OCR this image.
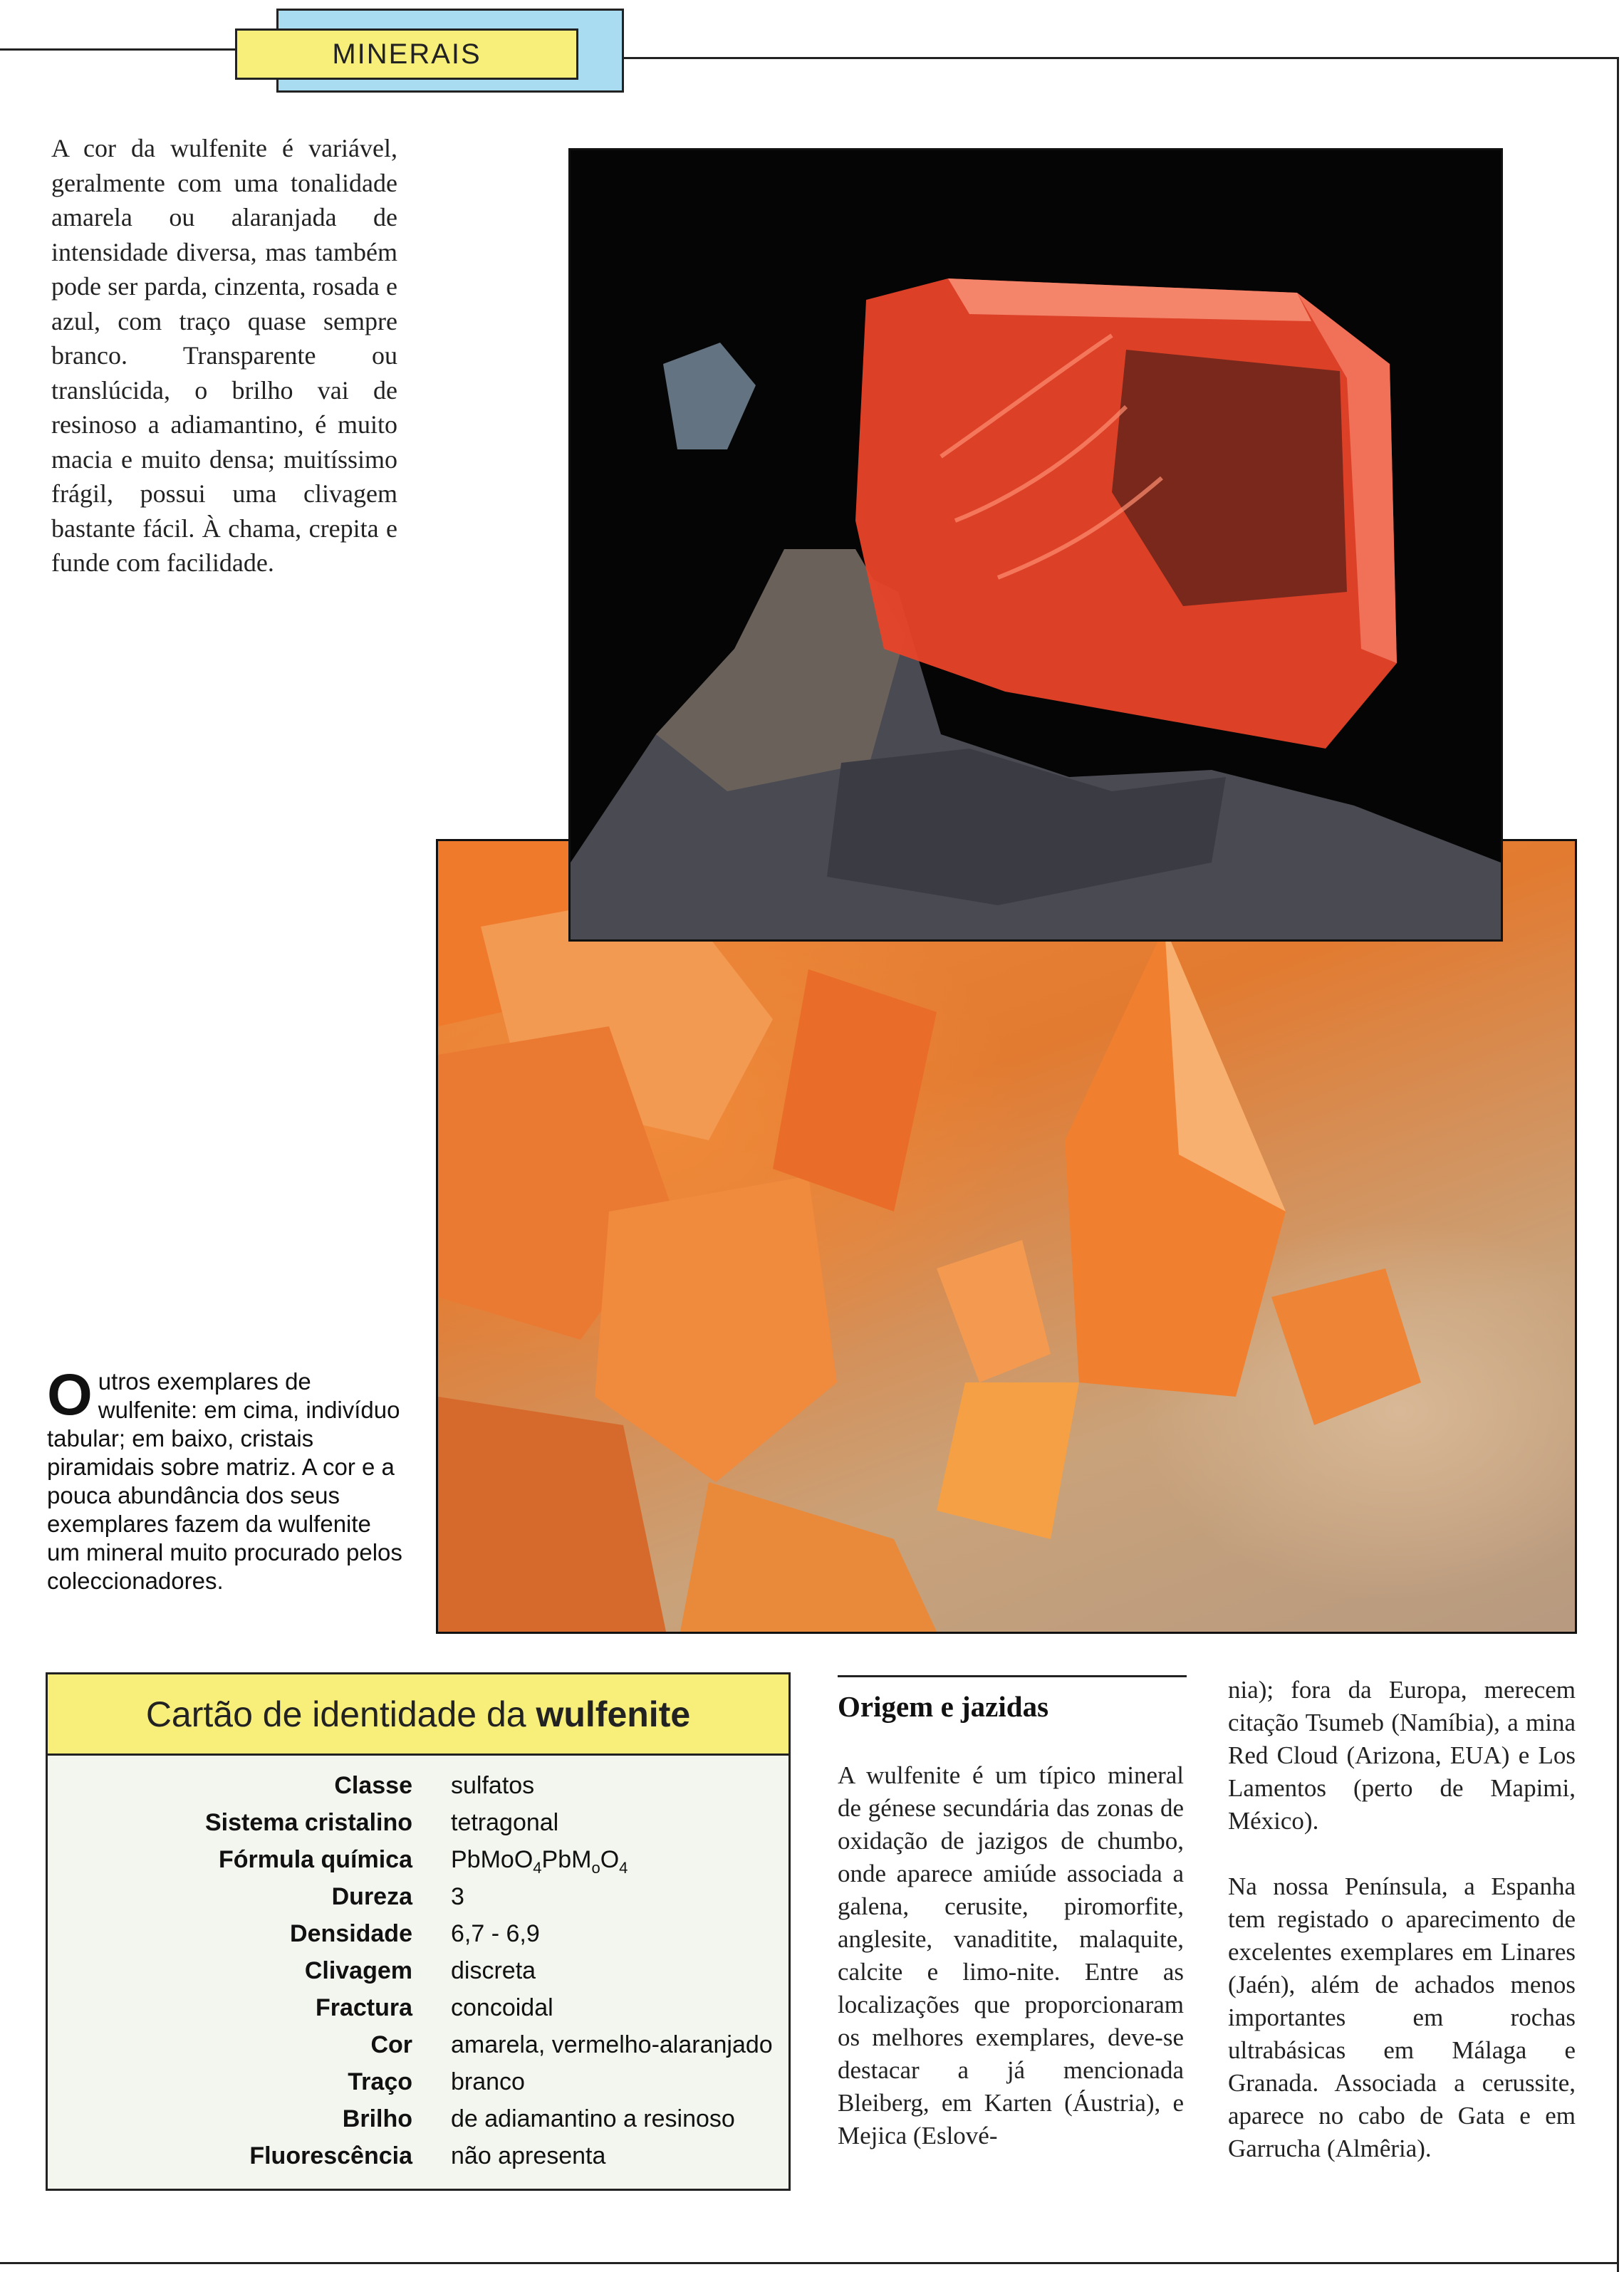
MINERAIS
A cor da wulfenite é variável, geralmente com uma tonalidade amarela ou alaranjada de intensidade diversa, mas também pode ser parda, cinzenta, rosada e azul, com traço quase sempre branco. Transparente ou translúcida, o brilho vai de resinoso a adiamantino, é muito macia e muito densa; muitíssimo frágil, possui uma clivagem bastante fácil. À chama, crepita e funde com facilidade.
Outros exemplares de wulfenite: em cima, indivíduo tabular; em baixo, cristais piramidais sobre matriz. A cor e a pouca abundância dos seus exemplares fazem da wulfenite um mineral muito procurado pelos coleccionadores.
Cartão de identidade da wulfenite
Classe sulfatos
Sistema cristalino tetragonal
Fórmula química $PbMoO_4PbM_oO_4$
Dureza 3
Densidade 6,7 - 6,9
Clivagem discreta
Fractura concoidal
Cor amarela, vermelho-alaranjado
Traço branco
Brilho de adiamantino a resinoso
Fluorescência não apresenta
Origem e jazidas
A wulfenite é um típico mineral de génese secundária das zonas de oxidação de jazigos de chumbo, onde aparece amiúde associada a galena, cerusite, piromorfite, anglesite, vanaditite, malaquite, calcite e limo-nite. Entre as localizações que proporcionaram os melhores exemplares, deve-se destacar a já mencionada Bleiberg, em Karten (Áustria), e Mejica (Eslové-
nia); fora da Europa, merecem citação Tsumeb (Namíbia), a mina Red Cloud (Arizona, EUA) e Los Lamentos (perto de Mapimi, México).
Na nossa Península, a Espanha tem registado o aparecimento de excelentes exemplares em Linares (Jaén), além de achados menos importantes em rochas ultrabásicas em Málaga e Granada. Associada a cerussite, aparece no cabo de Gata e em Garrucha (Almêria).
